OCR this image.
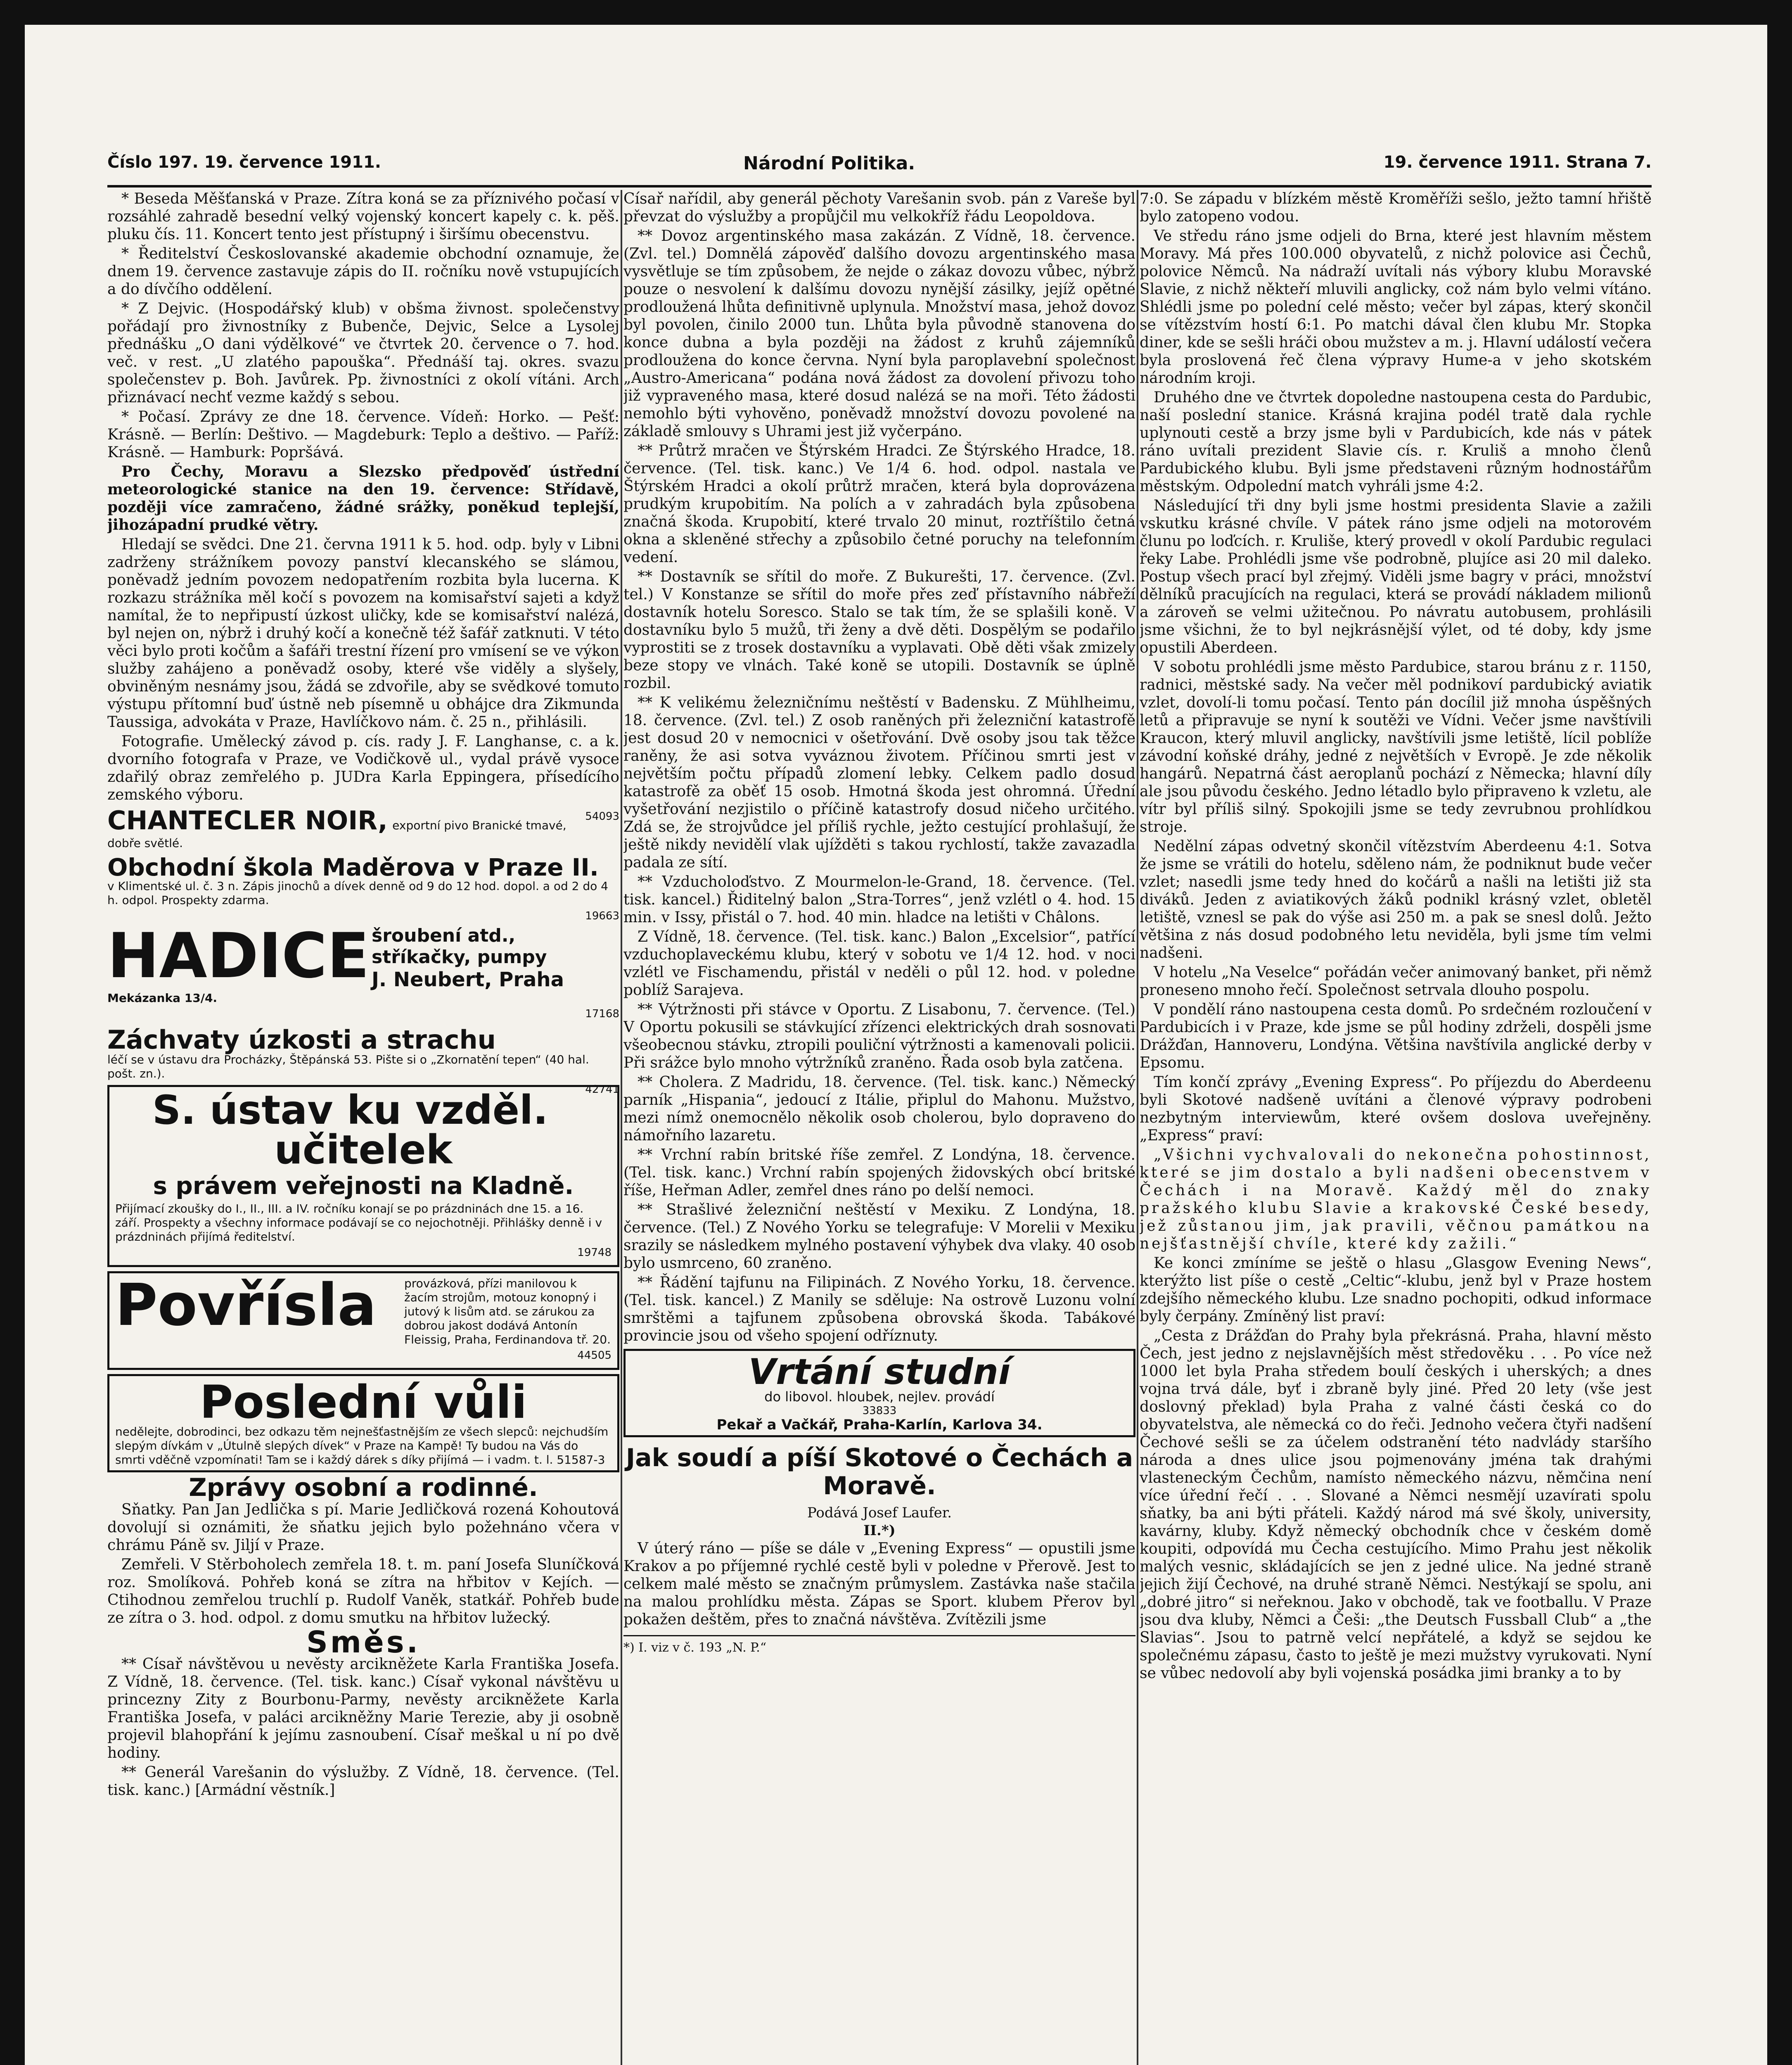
Číslo 197. 19. července 1911.	Národní Politika.	19. července 1911. Strana 7.

* Beseda Měšťanská v Praze. Zítra koná se za příznivého počasí v rozsáhlé zahradě besední velký vojenský koncert kapely c. k. pěš. pluku čís. 11. Koncert tento jest přístupný i širšímu obecenstvu.

* Ředitelství Českoslovanské akademie obchodní oznamuje, že dnem 19. července zastavuje zápis do II. ročníku nově vstupujících a do dívčího oddělení.

* Z Dejvic. (Hospodářský klub) v obšma živnost. společenstvy pořádají pro živnostníky z Bubenče, Dejvic, Selce a Lysolej přednášku „O dani výdělkové“ ve čtvrtek 20. července o 7. hod. več. v rest. „U zlatého papouška“. Přednáší taj. okres. svazu společenstev p. Boh. Javůrek. Pp. živnostníci z okolí vítáni. Arch přiznávací nechť vezme každý s sebou.

* Počasí. Zprávy ze dne 18. července. Vídeň: Horko. — Pešť: Krásně. — Berlín: Deštivo. — Magdeburk: Teplo a deštivo. — Paříž: Krásně. — Hamburk: Popršává.

Pro Čechy, Moravu a Slezsko předpověď ústřední meteorologické stanice na den 19. července: Střídavě, později více zamračeno, žádné srážky, poněkud teplejší, jihozápadní prudké větry.

Hledají se svědci. Dne 21. června 1911 k 5. hod. odp. byly v Libni zadrženy strážníkem povozy panství klecanského se slámou, poněvadž jedním povozem nedopatřením rozbita byla lucerna. K rozkazu strážníka měl kočí s povozem na komisařství sajeti a když namítal, že to nepřipustí úzkost uličky, kde se komisařství nalézá, byl nejen on, nýbrž i druhý kočí a konečně též šafář zatknuti. V této věci bylo proti kočům a šafáři trestní řízení pro vmísení se ve výkon služby zahájeno a poněvadž osoby, které vše viděly a slyšely, obviněným nesnámy jsou, žádá se zdvořile, aby se svědkové tomuto výstupu přítomní buď ústně neb písemně u obhájce dra Zikmunda Taussiga, advokáta v Praze, Havlíčkovo nám. č. 25 n., přihlásili.

Fotografie. Umělecký závod p. cís. rady J. F. Langhanse, c. a k. dvorního fotografa v Praze, ve Vodičkově ul., vydal právě vysoce zdařilý obraz zemřelého p. JUDra Karla Eppingera, přísedícího zemského výboru.

54093
CHANTECLER NOIR, exportní pivo Branické tmavé, dobře světlé.
Obchodní škola Maděrova v Praze II.
v Klimentské ul. č. 3 n. Zápis jinochů a dívek denně od 9 do 12 hod. dopol. a od 2 do 4 h. odpol. Prospekty zdarma.
19663
HADICE šroubení atd., stříkačky, pumpy
J. Neubert, Praha
Mekázanka 13/4.
17168
Záchvaty úzkosti a strachu
léčí se v ústavu dra Procházky, Štěpánská 53. Pište si o „Zkornatění tepen“ (40 hal. pošt. zn.).
42741
S. ústav ku vzděl. učitelek
s právem veřejnosti na Kladně.
Přijímací zkoušky do I., II., III. a IV. ročníku konají se po prázdninách dne 15. a 16. září. Prospekty a všechny informace podávají se co nejochotněji. Přihlášky denně i v prázdninách přijímá ředitelství.
19748
Povřísla	provázková, přízi manilovou k žacím strojům, motouz konopný i jutový k lisům atd. se zárukou za dobrou jakost dodává Antonín Fleissig, Praha, Ferdinandova tř. 20.
44505
Poslední vůli
nedělejte, dobrodinci, bez odkazu těm nejnešťastnějším ze všech slepců: nejchudším slepým dívkám v „Útulně slepých dívek“ v Praze na Kampě! Ty budou na Vás do smrti vděčně vzpomínati! Tam se i každý dárek s díky přijímá — i vadm. t. l. 51587-3
Zprávy osobní a rodinné.

Sňatky. Pan Jan Jedlička s pí. Marie Jedličková rozená Kohoutová dovolují si oznámiti, že sňatku jejich bylo požehnáno včera v chrámu Páně sv. Jiljí v Praze.

Zemřeli. V Stěrboholech zemřela 18. t. m. paní Josefa Sluníčková roz. Smolíková. Pohřeb koná se zítra na hřbitov v Kejích. — Ctihodnou zemřelou truchlí p. Rudolf Vaněk, statkář. Pohřeb bude ze zítra o 3. hod. odpol. z domu smutku na hřbitov lužecký.

Směs.

** Císař návštěvou u nevěsty arcikněžete Karla Františka Josefa. Z Vídně, 18. července. (Tel. tisk. kanc.) Císař vykonal návštěvu u princezny Zity z Bourbonu-Parmy, nevěsty arcikněžete Karla Františka Josefa, v paláci arcikněžny Marie Terezie, aby ji osobně projevil blahopřání k jejímu zasnoubení. Císař meškal u ní po dvě hodiny.

** Generál Varešanin do výslužby. Z Vídně, 18. července. (Tel. tisk. kanc.) [Armádní věstník.]

Císař nařídil, aby generál pěchoty Varešanin svob. pán z Vareše byl převzat do výslužby a propůjčil mu velkokříž řádu Leopoldova.

** Dovoz argentinského masa zakázán. Z Vídně, 18. července. (Zvl. tel.) Domnělá zápověď dalšího dovozu argentinského masa vysvětluje se tím způsobem, že nejde o zákaz dovozu vůbec, nýbrž pouze o nesvolení k dalšímu dovozu nynější zásilky, jejíž opětné prodloužená lhůta definitivně uplynula. Množství masa, jehož dovoz byl povolen, činilo 2000 tun. Lhůta byla původně stanovena do konce dubna a byla později na žádost z kruhů zájemníků prodloužena do konce června. Nyní byla paroplavební společnost „Austro-Americana“ podána nová žádost za dovolení přivozu toho již vypraveného masa, které dosud nalézá se na moři. Této žádosti nemohlo býti vyhověno, poněvadž množství dovozu povolené na základě smlouvy s Uhrami jest již vyčerpáno.

** Průtrž mračen ve Štýrském Hradci. Ze Štýrského Hradce, 18. července. (Tel. tisk. kanc.) Ve 1/4 6. hod. odpol. nastala ve Štýrském Hradci a okolí průtrž mračen, která byla doprovázena prudkým krupobitím. Na polích a v zahradách byla způsobena značná škoda. Krupobití, které trvalo 20 minut, roztříštilo četná okna a skleněné střechy a způsobilo četné poruchy na telefonním vedení.

** Dostavník se sřítil do moře. Z Bukurešti, 17. července. (Zvl. tel.) V Konstanze se sřítil do moře přes zeď přístavního nábřeží dostavník hotelu Soresco. Stalo se tak tím, že se splašili koně. V dostavníku bylo 5 mužů, tři ženy a dvě děti. Dospělým se podařilo vyprostiti se z trosek dostavníku a vyplavati. Obě děti však zmizely beze stopy ve vlnách. Také koně se utopili. Dostavník se úplně rozbil.

** K velikému železničnímu neštěstí v Badensku. Z Mühlheimu, 18. července. (Zvl. tel.) Z osob raněných při železniční katastrofě jest dosud 20 v nemocnici v ošetřování. Dvě osoby jsou tak těžce raněny, že asi sotva vyváznou životem. Příčinou smrti jest v největším počtu případů zlomení lebky. Celkem padlo dosud katastrofě za oběť 15 osob. Hmotná škoda jest ohromná. Úřední vyšetřování nezjistilo o příčině katastrofy dosud ničeho určitého. Zdá se, že strojvůdce jel příliš rychle, ježto cestující prohlašují, že ještě nikdy nevidělí vlak ujížděti s takou rychlostí, takže zavazadla padala ze sítí.

** Vzducholoďstvo. Z Mourmelon-le-Grand, 18. července. (Tel. tisk. kancel.) Řiditelný balon „Stra-Torres“, jenž vzlétl o 4. hod. 15 min. v Issy, přistál o 7. hod. 40 min. hladce na letišti v Châlons.

Z Vídně, 18. července. (Tel. tisk. kanc.) Balon „Excelsior“, patřící vzduchoplaveckému klubu, který v sobotu ve 1/4 12. hod. v noci vzlétl ve Fischamendu, přistál v neděli o půl 12. hod. v poledne poblíž Sarajeva.

** Výtržnosti při stávce v Oportu. Z Lisabonu, 7. července. (Tel.) V Oportu pokusili se stávkující zřízenci elektrických drah sosnovati všeobecnou stávku, ztropili pouliční výtržnosti a kamenovali policii. Při srážce bylo mnoho výtržníků zraněno. Řada osob byla zatčena.

** Cholera. Z Madridu, 18. července. (Tel. tisk. kanc.) Německý parník „Hispania“, jedoucí z Itálie, připlul do Mahonu. Mužstvo, mezi nímž onemocnělo několik osob cholerou, bylo dopraveno do námořního lazaretu.

** Vrchní rabín britské říše zemřel. Z Londýna, 18. července. (Tel. tisk. kanc.) Vrchní rabín spojených židovských obcí britské říše, Heřman Adler, zemřel dnes ráno po delší nemoci.

** Strašlivé železniční neštěstí v Mexiku. Z Londýna, 18. července. (Tel.) Z Nového Yorku se telegrafuje: V Morelii v Mexiku srazily se následkem mylného postavení výhybek dva vlaky. 40 osob bylo usmrceno, 60 zraněno.

** Řádění tajfunu na Filipinách. Z Nového Yorku, 18. července. (Tel. tisk. kancel.) Z Manily se sděluje: Na ostrově Luzonu volní smrštěmi a tajfunem způsobena obrovská škoda. Tabákové provincie jsou od všeho spojení odříznuty.

Vrtání studní
do libovol. hloubek, nejlev. provádí
33833
Pekař a Vačkář, Praha-Karlín, Karlova 34.
Jak soudí a píší Skotové o Čechách a Moravě.
Podává Josef Laufer.
II.*)

V úterý ráno — píše se dále v „Evening Express“ — opustili jsme Krakov a po příjemné rychlé cestě byli v poledne v Přerově. Jest to celkem malé město se značným průmyslem. Zastávka naše stačila na malou prohlídku města. Zápas se Sport. klubem Přerov byl pokažen deštěm, přes to značná návštěva. Zvítězili jsme

*) I. viz v č. 193 „N. P.“

7:0. Se západu v blízkém městě Kroměříži sešlo, ježto tamní hřiště bylo zatopeno vodou.

Ve středu ráno jsme odjeli do Brna, které jest hlavním městem Moravy. Má přes 100.000 obyvatelů, z nichž polovice asi Čechů, polovice Němců. Na nádraží uvítali nás výbory klubu Moravské Slavie, z nichž někteří mluvili anglicky, což nám bylo velmi vítáno. Shlédli jsme po polední celé město; večer byl zápas, který skončil se vítězstvím hostí 6:1. Po matchi dával člen klubu Mr. Stopka diner, kde se sešli hráči obou mužstev a m. j. Hlavní událostí večera byla proslovená řeč člena výpravy Hume-a v jeho skotském národním kroji.

Druhého dne ve čtvrtek dopoledne nastoupena cesta do Pardubic, naší poslední stanice. Krásná krajina podél tratě dala rychle uplynouti cestě a brzy jsme byli v Pardubicích, kde nás v pátek ráno uvítali prezident Slavie cís. r. Kruliš a mnoho členů Pardubického klubu. Byli jsme představeni různým hodnostářům městským. Odpolední match vyhráli jsme 4:2.

Následující tři dny byli jsme hostmi presidenta Slavie a zažili vskutku krásné chvíle. V pátek ráno jsme odjeli na motorovém člunu po loďcích. r. Kruliše, který provedl v okolí Pardubic regulaci řeky Labe. Prohlédli jsme vše podrobně, plujíce asi 20 mil daleko. Postup všech prací byl zřejmý. Viděli jsme bagry v práci, množství dělníků pracujících na regulaci, která se provádí nákladem milionů a zároveň se velmi užitečnou. Po návratu autobusem, prohlásili jsme všichni, že to byl nejkrásnější výlet, od té doby, kdy jsme opustili Aberdeen.

V sobotu prohlédli jsme město Pardubice, starou bránu z r. 1150, radnici, městské sady. Na večer měl podnikoví pardubický aviatik vzlet, dovolí-li tomu počasí. Tento pán docílil již mnoha úspěšných letů a připravuje se nyní k soutěži ve Vídni. Večer jsme navštívili Kraucon, který mluvil anglicky, navštívili jsme letiště, lícil poblíže závodní koňské dráhy, jedné z největších v Evropě. Je zde několik hangárů. Nepatrná část aeroplanů pochází z Německa; hlavní díly ale jsou původu českého. Jedno létadlo bylo připraveno k vzletu, ale vítr byl příliš silný. Spokojili jsme se tedy zevrubnou prohlídkou stroje.

Nedělní zápas odvetný skončil vítězstvím Aberdeenu 4:1. Sotva že jsme se vrátili do hotelu, sděleno nám, že podniknut bude večer vzlet; nasedli jsme tedy hned do kočárů a našli na letišti již sta diváků. Jeden z aviatikových žáků podnikl krásný vzlet, obletěl letiště, vznesl se pak do výše asi 250 m. a pak se snesl dolů. Ježto většina z nás dosud podobného letu neviděla, byli jsme tím velmi nadšeni.

V hotelu „Na Veselce“ pořádán večer animovaný banket, při němž proneseno mnoho řečí. Společnost setrvala dlouho pospolu.

V pondělí ráno nastoupena cesta domů. Po srdečném rozloučení v Pardubicích i v Praze, kde jsme se půl hodiny zdrželi, dospěli jsme Drážďan, Hannoveru, Londýna. Většina navštívila anglické derby v Epsomu.

Tím končí zprávy „Evening Express“. Po příjezdu do Aberdeenu byli Skotové nadšeně uvítáni a členové výpravy podrobeni nezbytným interviewům, které ovšem doslova uveřejněny. „Express“ praví:

„Všichni vychvalovali do nekonečna pohostinnost, které se jim dostalo a byli nadšeni obecenstvem v Čechách i na Moravě. Každý měl do znaky pražského klubu Slavie a krakovské České besedy, jež zůstanou jim, jak pravili, věčnou památkou na nejšťastnější chvíle, které kdy zažili.“

Ke konci zmíníme se ještě o hlasu „Glasgow Evening News“, kterýžto list píše o cestě „Celtic“-klubu, jenž byl v Praze hostem zdejšího německého klubu. Lze snadno pochopiti, odkud informace byly čerpány. Zmíněný list praví:

„Cesta z Drážďan do Prahy byla překrásná. Praha, hlavní město Čech, jest jedno z nejslavnějších měst středověku . . . Po více než 1000 let byla Praha středem boulí českých i uherských; a dnes vojna trvá dále, byť i zbraně byly jiné. Před 20 lety (vše jest doslovný překlad) byla Praha z valné části česká co do obyvatelstva, ale německá co do řeči. Jednoho večera čtyři nadšení Čechové sešli se za účelem odstranění této nadvlády staršího národa a dnes ulice jsou pojmenovány jména tak drahými vlasteneckým Čechům, namísto německého názvu, němčina není více úřední řečí . . . Slované a Němci nesmějí uzavírati spolu sňatky, ba ani býti přáteli. Každý národ má své školy, university, kavárny, kluby. Když německý obchodník chce v českém domě koupiti, odpovídá mu Čecha cestujícího. Mimo Prahu jest několik malých vesnic, skládajících se jen z jedné ulice. Na jedné straně jejich žijí Čechové, na druhé straně Němci. Nestýkají se spolu, ani „dobré jitro“ si neřeknou. Jako v obchodě, tak ve footballu. V Praze jsou dva kluby, Němci a Češi: „the Deutsch Fussball Club“ a „the Slavias“. Jsou to patrně velcí nepřátelé, a když se sejdou ke společnému zápasu, často to ještě je mezi mužstvy vyrukovati. Nyní se vůbec nedovolí aby byli vojenská posádka jimi branky a to by
